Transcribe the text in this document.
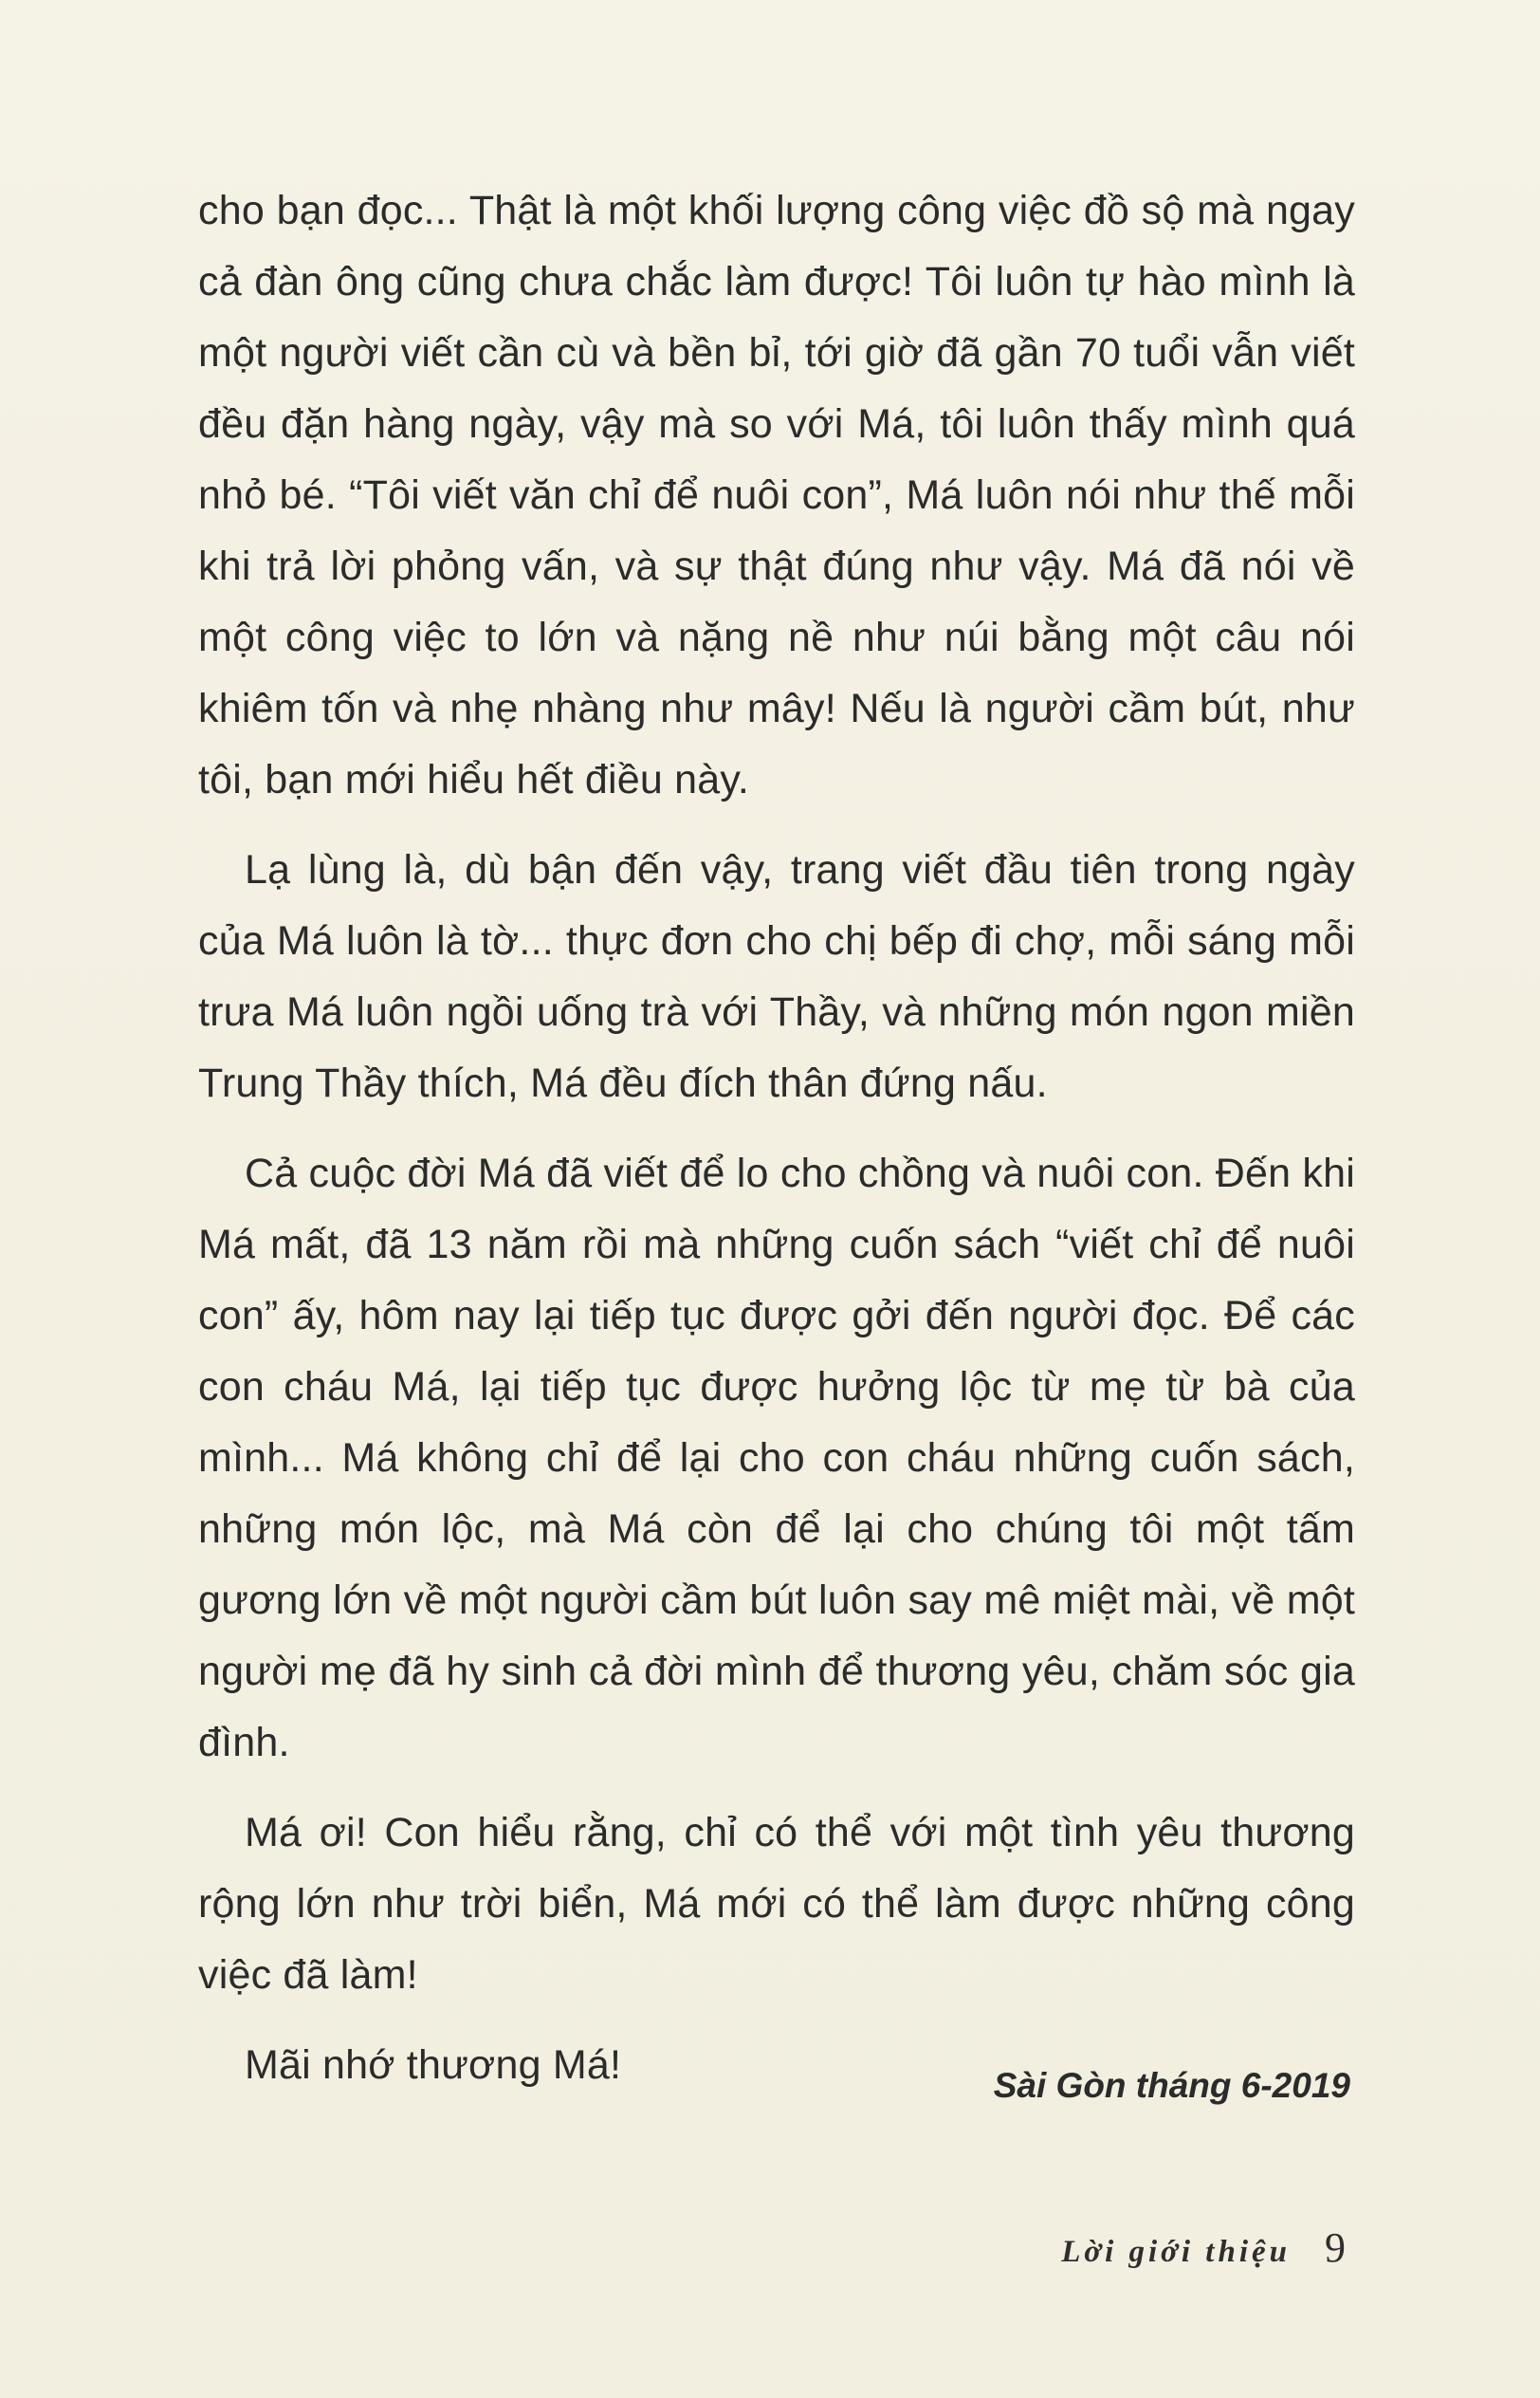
cho bạn đọc... Thật là một khối lượng công việc đồ sộ mà ngay cả đàn ông cũng chưa chắc làm được! Tôi luôn tự hào mình là một người viết cần cù và bền bỉ, tới giờ đã gần 70 tuổi vẫn viết đều đặn hàng ngày, vậy mà so với Má, tôi luôn thấy mình quá nhỏ bé. “Tôi viết văn chỉ để nuôi con”, Má luôn nói như thế mỗi khi trả lời phỏng vấn, và sự thật đúng như vậy. Má đã nói về một công việc to lớn và nặng nề như núi bằng một câu nói khiêm tốn và nhẹ nhàng như mây! Nếu là người cầm bút, như tôi, bạn mới hiểu hết điều này.

Lạ lùng là, dù bận đến vậy, trang viết đầu tiên trong ngày của Má luôn là tờ... thực đơn cho chị bếp đi chợ, mỗi sáng mỗi trưa Má luôn ngồi uống trà với Thầy, và những món ngon miền Trung Thầy thích, Má đều đích thân đứng nấu.

Cả cuộc đời Má đã viết để lo cho chồng và nuôi con. Đến khi Má mất, đã 13 năm rồi mà những cuốn sách “viết chỉ để nuôi con” ấy, hôm nay lại tiếp tục được gởi đến người đọc. Để các con cháu Má, lại tiếp tục được hưởng lộc từ mẹ từ bà của mình... Má không chỉ để lại cho con cháu những cuốn sách, những món lộc, mà Má còn để lại cho chúng tôi một tấm gương lớn về một người cầm bút luôn say mê miệt mài, về một người mẹ đã hy sinh cả đời mình để thương yêu, chăm sóc gia đình.

Má ơi! Con hiểu rằng, chỉ có thể với một tình yêu thương rộng lớn như trời biển, Má mới có thể làm được những công việc đã làm!

Mãi nhớ thương Má!	Sài Gòn tháng 6-2019
Lời giới thiệu 9
